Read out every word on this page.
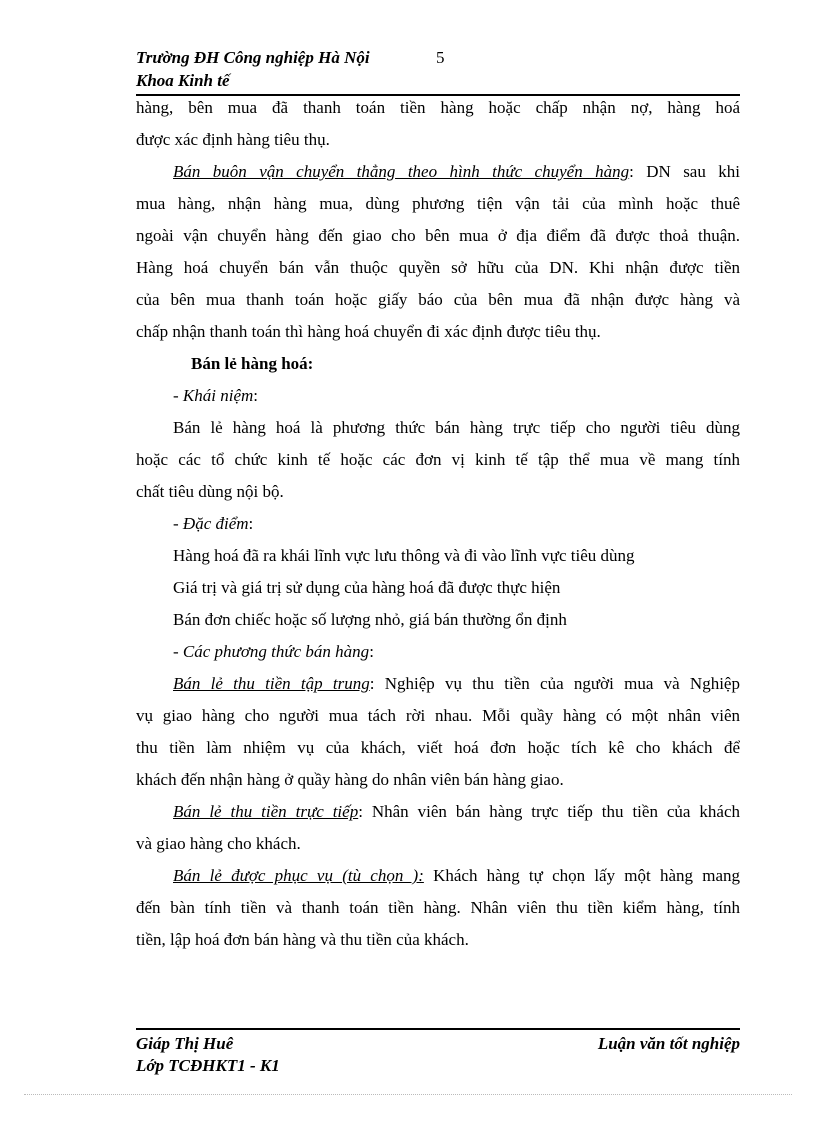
Trường ĐH Công nghiệp Hà Nội	5
Khoa Kinh tế
hàng, bên mua đã thanh toán tiền hàng hoặc chấp nhận nợ, hàng hoá
được xác định hàng tiêu thụ.
Bán buôn vận chuyển thẳng theo hình thức chuyển hàng: DN sau khi
mua hàng, nhận hàng mua, dùng phương tiện vận tải của mình hoặc thuê
ngoài vận chuyển hàng đến giao cho bên mua ở địa điểm đã được thoả thuận.
Hàng hoá chuyển bán vẫn thuộc quyền sở hữu của DN. Khi nhận được tiền
của bên mua thanh toán hoặc giấy báo của bên mua đã nhận được hàng và
chấp nhận thanh toán thì hàng hoá chuyển đi xác định được tiêu thụ.
Bán lẻ hàng hoá:
- Khái niệm:
Bán lẻ hàng hoá là phương thức bán hàng trực tiếp cho người tiêu dùng
hoặc các tổ chức kinh tế hoặc các đơn vị kinh tế tập thể mua về mang tính
chất tiêu dùng nội bộ.
- Đặc điểm:
Hàng hoá đã ra khái lĩnh vực lưu thông và đi vào lĩnh vực tiêu dùng
Giá trị và giá trị sử dụng của hàng hoá đã được thực hiện
Bán đơn chiếc hoặc số lượng nhỏ, giá bán thường ổn định
- Các phương thức bán hàng:
Bán lẻ thu tiền tập trung: Nghiệp vụ thu tiền của người mua và Nghiệp
vụ giao hàng cho người mua tách rời nhau. Mỗi quầy hàng có một nhân viên
thu tiền làm nhiệm vụ của khách, viết hoá đơn hoặc tích kê cho khách để
khách đến nhận hàng ở quầy hàng do nhân viên bán hàng giao.
Bán lẻ thu tiền trực tiếp: Nhân viên bán hàng trực tiếp thu tiền của khách
và giao hàng cho khách.
Bán lẻ được phục vụ (tù chọn ): Khách hàng tự chọn lấy một hàng mang
đến bàn tính tiền và thanh toán tiền hàng. Nhân viên thu tiền kiểm hàng, tính
tiền, lập hoá đơn bán hàng và thu tiền của khách.
Giáp Thị Huê
Lớp TCĐHKT1 - K1
Luận văn tốt nghiệp
